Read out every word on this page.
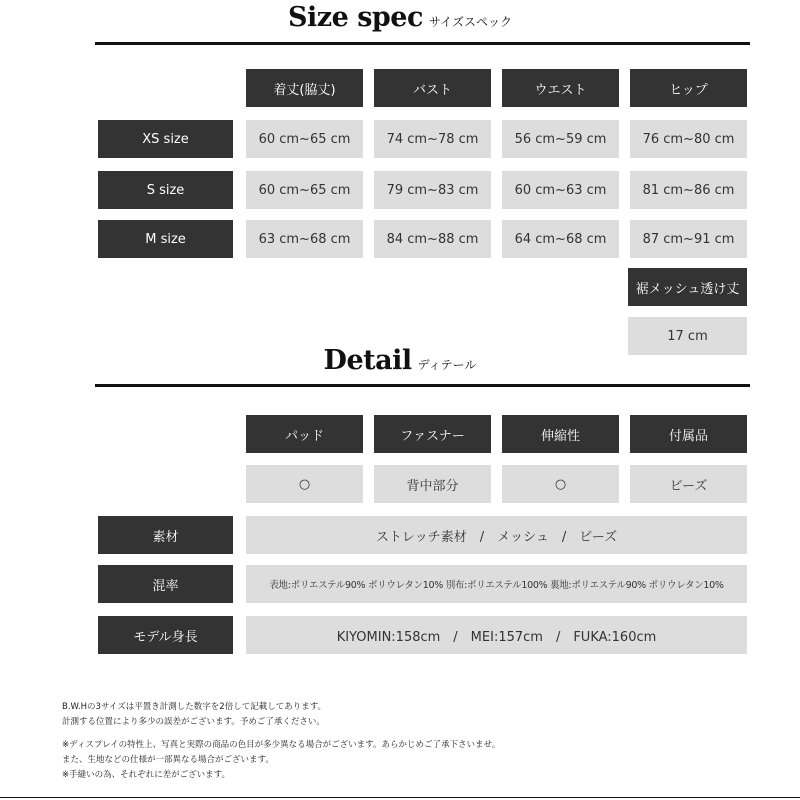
Size spec サイズスペック
着丈(脇丈)	バスト	ウエスト	ヒップ
XS size	60 cm~65 cm	74 cm~78 cm	56 cm~59 cm	76 cm~80 cm
S size	60 cm~65 cm	79 cm~83 cm	60 cm~63 cm	81 cm~86 cm
M size	63 cm~68 cm	84 cm~88 cm	64 cm~68 cm	87 cm~91 cm
裾メッシュ透け丈
17 cm
Detail ディテール
パッド	ファスナー	伸縮性	付属品
○	背中部分	○	ビーズ
素材	ストレッチ素材　/　メッシュ　/　ビーズ
混率	表地:ポリエステル90% ポリウレタン10% 別布:ポリエステル100% 裏地:ポリエステル90% ポリウレタン10%
モデル身長	KIYOMIN:158cm　/　MEI:157cm　/　FUKA:160cm
B.W.Hの3サイズは平置き計測した数字を2倍して記載してあります。
計測する位置により多少の誤差がございます。予めご了承ください。
※ディスプレイの特性上、写真と実際の商品の色目が多少異なる場合がございます。あらかじめご了承下さいませ。
また、生地などの仕様が一部異なる場合がございます。
※手縫いの為、それぞれに差がございます。
